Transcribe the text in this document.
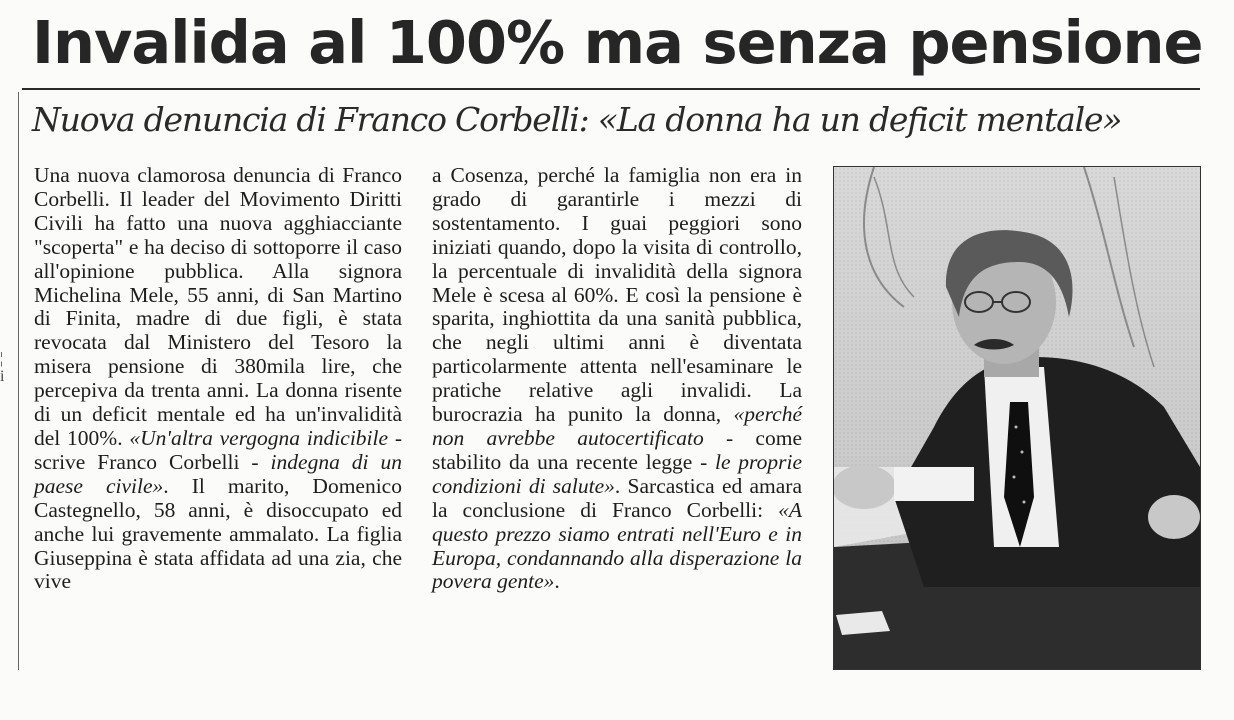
Invalida al 100% ma senza pensione
Nuova denuncia di Franco Corbelli: «La donna ha un deficit mentale»
Una nuova clamorosa denuncia di Franco Corbelli. Il leader del Movimento Diritti Civili ha fatto una nuova agghiacciante "scoperta" e ha deciso di sottoporre il caso all'opinione pubblica. Alla signora Michelina Mele, 55 anni, di San Martino di Finita, madre di due figli, è stata revocata dal Ministero del Tesoro la misera pensione di 380mila lire, che percepiva da trenta anni. La donna risente di un deficit mentale ed ha un'invalidità del 100%. «Un'altra vergogna indicibile - scrive Franco Corbelli - indegna di un paese civile». Il marito, Domenico Castegnello, 58 anni, è disoccupato ed anche lui gravemente ammalato. La figlia Giuseppina è stata affidata ad una zia, che vive
a Cosenza, perché la famiglia non era in grado di garantirle i mezzi di sostentamento. I guai peggiori sono iniziati quando, dopo la visita di controllo, la percentuale di invalidità della signora Mele è scesa al 60%. E così la pensione è sparita, inghiottita da una sanità pubblica, che negli ultimi anni è diventata particolarmente attenta nell'esaminare le pratiche relative agli invalidi. La burocrazia ha punito la donna, «perché non avrebbe autocertificato - come stabilito da una recente legge - le proprie condizioni di salute». Sarcastica ed amara la conclusione di Franco Corbelli: «A questo prezzo siamo entrati nell'Euro e in Europa, condannando alla disperazione la povera gente».
¦
i
